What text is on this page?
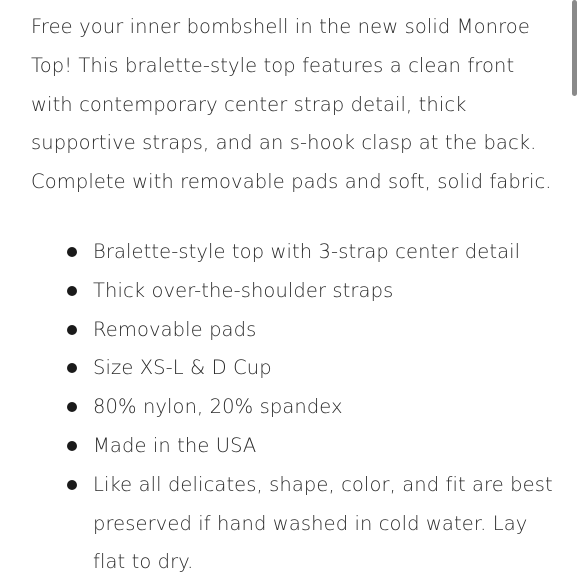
Free your inner bombshell in the new solid Monroe Top! This bralette-style top features a clean front with contemporary center strap detail, thick supportive straps, and an s-hook clasp at the back. Complete with removable pads and soft, solid fabric.

Bralette-style top with 3-strap center detail
Thick over-the-shoulder straps
Removable pads
Size XS-L & D Cup
80% nylon, 20% spandex
Made in the USA
Like all delicates, shape, color, and fit are best preserved if hand washed in cold water. Lay flat to dry.
